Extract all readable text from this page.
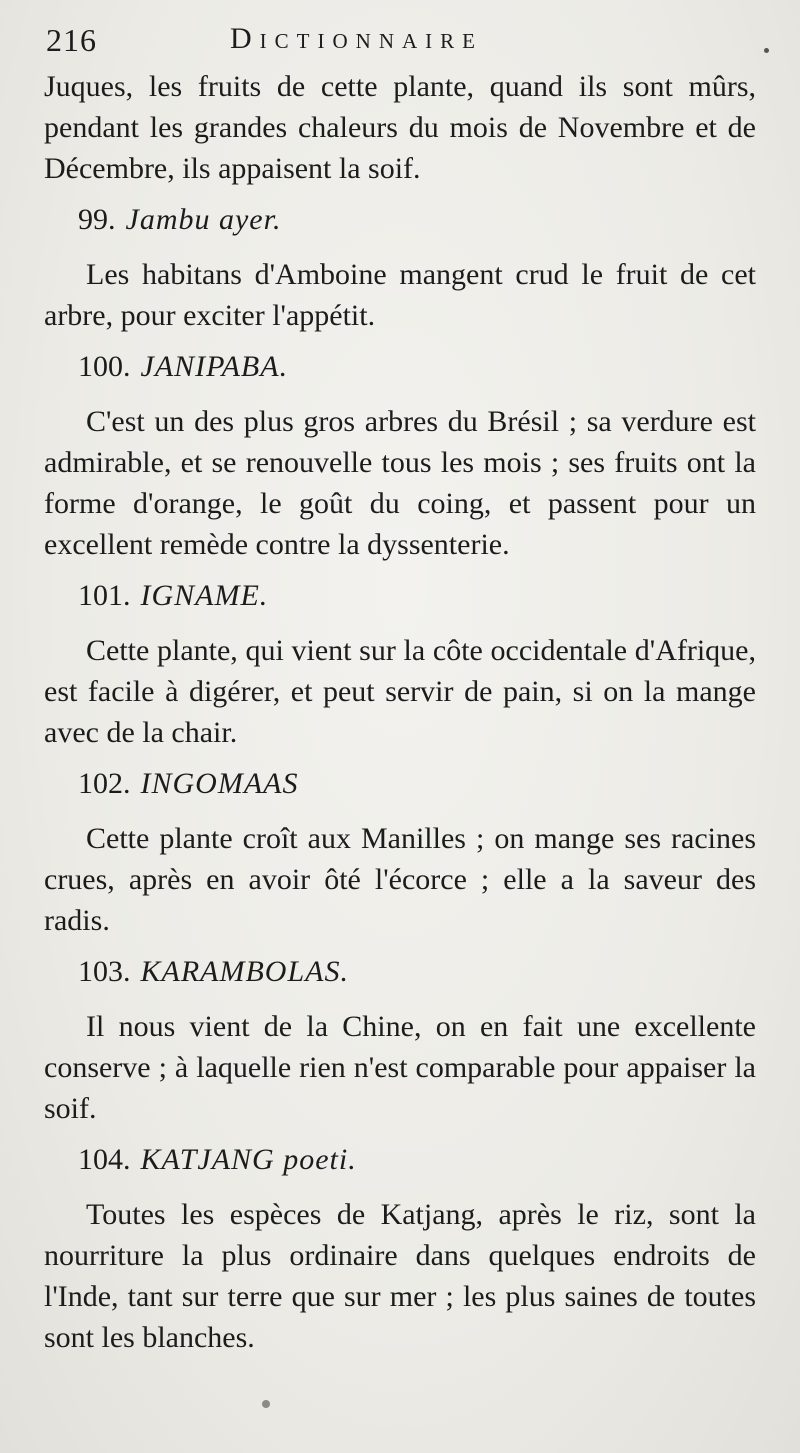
216	Dictionnaire

Juques, les fruits de cette plante, quand ils sont mûrs, pendant les grandes chaleurs du mois de Novembre et de Décembre, ils appaisent la soif.

99. Jambu ayer.

Les habitans d'Amboine mangent crud le fruit de cet arbre, pour exciter l'appétit.

100. JANIPABA.

C'est un des plus gros arbres du Brésil ; sa verdure est admirable, et se renouvelle tous les mois ; ses fruits ont la forme d'orange, le goût du coing, et passent pour un excellent remède contre la dyssenterie.

101. IGNAME.

Cette plante, qui vient sur la côte occidentale d'Afrique, est facile à digérer, et peut servir de pain, si on la mange avec de la chair.

102. INGOMAAS

Cette plante croît aux Manilles ; on mange ses racines crues, après en avoir ôté l'écorce ; elle a la saveur des radis.

103. KARAMBOLAS.

Il nous vient de la Chine, on en fait une excellente conserve ; à laquelle rien n'est comparable pour appaiser la soif.

104. KATJANG poeti.

Toutes les espèces de Katjang, après le riz, sont la nourriture la plus ordinaire dans quelques endroits de l'Inde, tant sur terre que sur mer ; les plus saines de toutes sont les blanches.
